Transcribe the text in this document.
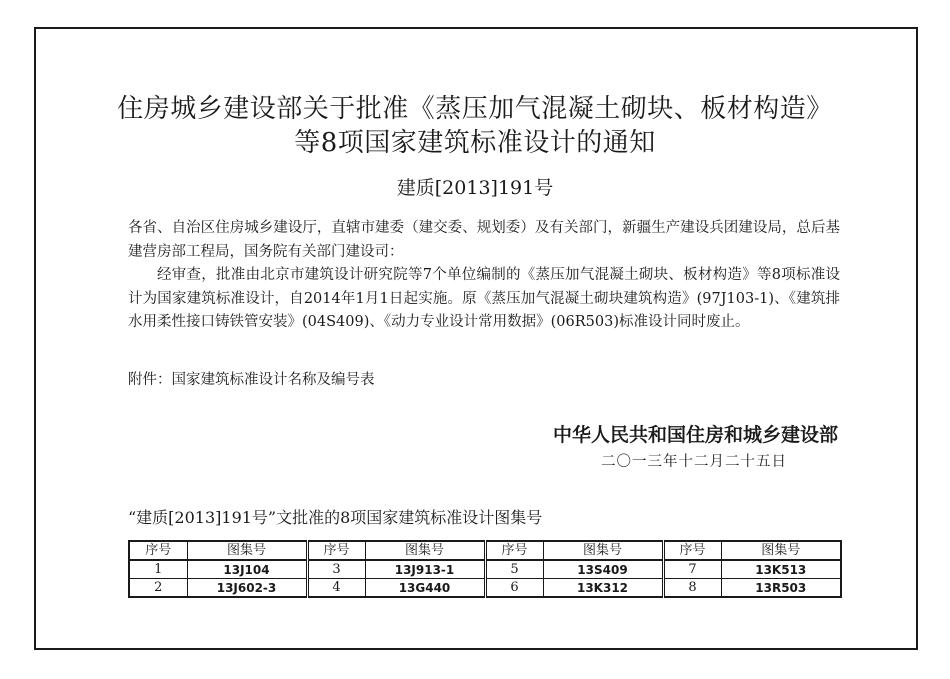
住房城乡建设部关于批准《蒸压加气混凝土砌块、板材构造》
等8项国家建筑标准设计的通知
建质[2013]191号

各省、自治区住房城乡建设厅，直辖市建委（建交委、规划委）及有关部门，新疆生产建设兵团建设局，总后基建营房部工程局，国务院有关部门建设司：

经审查，批准由北京市建筑设计研究院等7个单位编制的《蒸压加气混凝土砌块、板材构造》等8项标准设计为国家建筑标准设计，自2014年1月1日起实施。原《蒸压加气混凝土砌块建筑构造》(97J103-1)、《建筑排水用柔性接口铸铁管安装》(04S409)、《动力专业设计常用数据》(06R503)标准设计同时废止。

附件：国家建筑标准设计名称及编号表
中华人民共和国住房和城乡建设部
二〇一三年十二月二十五日
“建质[2013]191号”文批准的8项国家建筑标准设计图集号
序号	图集号	序号	图集号	序号	图集号	序号	图集号
1	13J104	3	13J913-1	5	13S409	7	13K513
2	13J602-3	4	13G440	6	13K312	8	13R503
